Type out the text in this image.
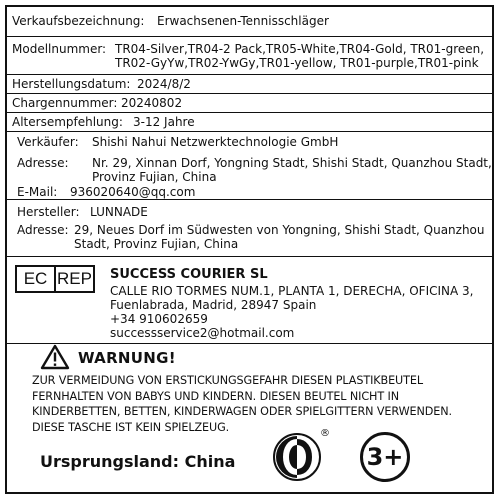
Verkaufsbezeichnung: Erwachsenen-Tennisschläger
Modellnummer: TR04-Silver,TR04-2 Pack,TR05-White,TR04-Gold, TR01-green,
TR02-GyYw,TR02-YwGy,TR01-yellow, TR01-purple,TR01-pink
Herstellungsdatum: 2024/8/2
Chargennummer: 20240802
Altersempfehlung: 3-12 Jahre
Verkäufer: Shishi Nahui Netzwerktechnologie GmbH
Adresse: Nr. 29, Xinnan Dorf, Yongning Stadt, Shishi Stadt, Quanzhou Stadt,
Provinz Fujian, China
E-Mail: 936020640@qq.com
Hersteller: LUNNADE
Adresse: 29, Neues Dorf im Südwesten von Yongning, Shishi Stadt, Quanzhou
Stadt, Provinz Fujian, China
SUCCESS COURIER SL
CALLE RIO TORMES NUM.1, PLANTA 1, DERECHA, OFICINA 3,
Fuenlabrada, Madrid, 28947 Spain
+34 910602659
successservice2@hotmail.com
EC REP
WARNUNG!
ZUR VERMEIDUNG VON ERSTICKUNGSGEFAHR DIESEN PLASTIKBEUTEL
FERNHALTEN VON BABYS UND KINDERN. DIESEN BEUTEL NICHT IN
KINDERBETTEN, BETTEN, KINDERWAGEN ODER SPIELGITTERN VERWENDEN.
DIESE TASCHE IST KEIN SPIELZEUG.
Ursprungsland: China
®
3+
